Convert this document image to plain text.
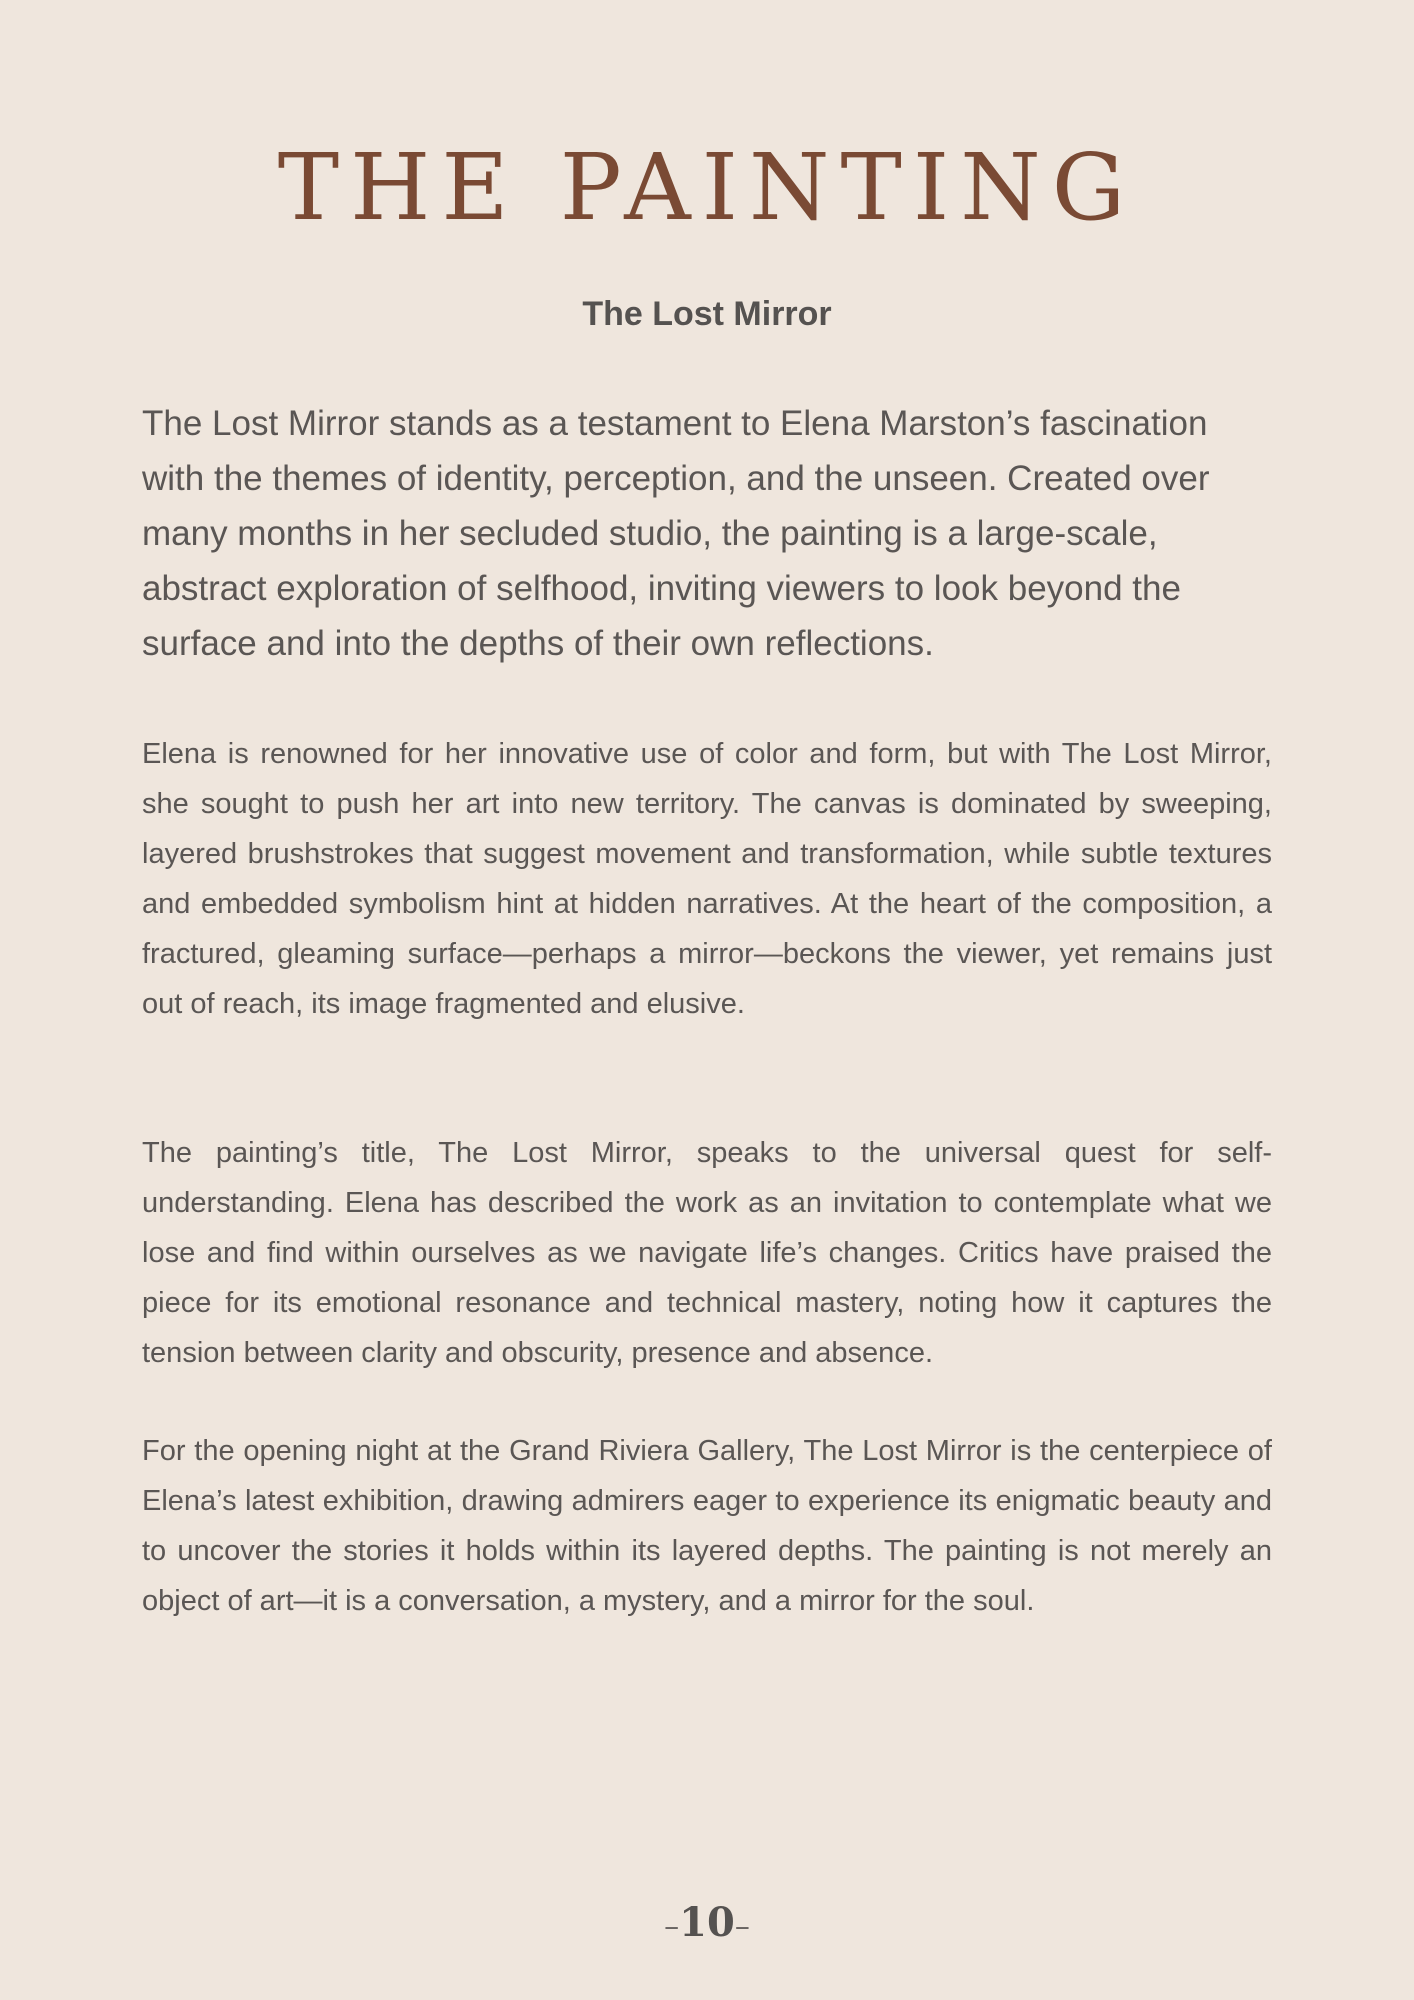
THE PAINTING
The Lost Mirror

The Lost Mirror stands as a testament to Elena Marston’s fascination with the themes of identity, perception, and the unseen. Created over many months in her secluded studio, the painting is a large-scale, abstract exploration of selfhood, inviting viewers to look beyond the surface and into the depths of their own reflections.

Elena is renowned for her innovative use of color and form, but with The Lost Mirror, she sought to push her art into new territory. The canvas is dominated by sweeping, layered brushstrokes that suggest movement and transformation, while subtle textures and embedded symbolism hint at hidden narratives. At the heart of the composition, a fractured, gleaming surface—perhaps a mirror—beckons the viewer, yet remains just out of reach, its image fragmented and elusive.

The painting’s title, The Lost Mirror, speaks to the universal quest for self-understanding. Elena has described the work as an invitation to contemplate what we lose and find within ourselves as we navigate life’s changes. Critics have praised the piece for its emotional resonance and technical mastery, noting how it captures the tension between clarity and obscurity, presence and absence.

For the opening night at the Grand Riviera Gallery, The Lost Mirror is the centerpiece of Elena’s latest exhibition, drawing admirers eager to experience its enigmatic beauty and to uncover the stories it holds within its layered depths. The painting is not merely an object of art—it is a conversation, a mystery, and a mirror for the soul.

–10–
